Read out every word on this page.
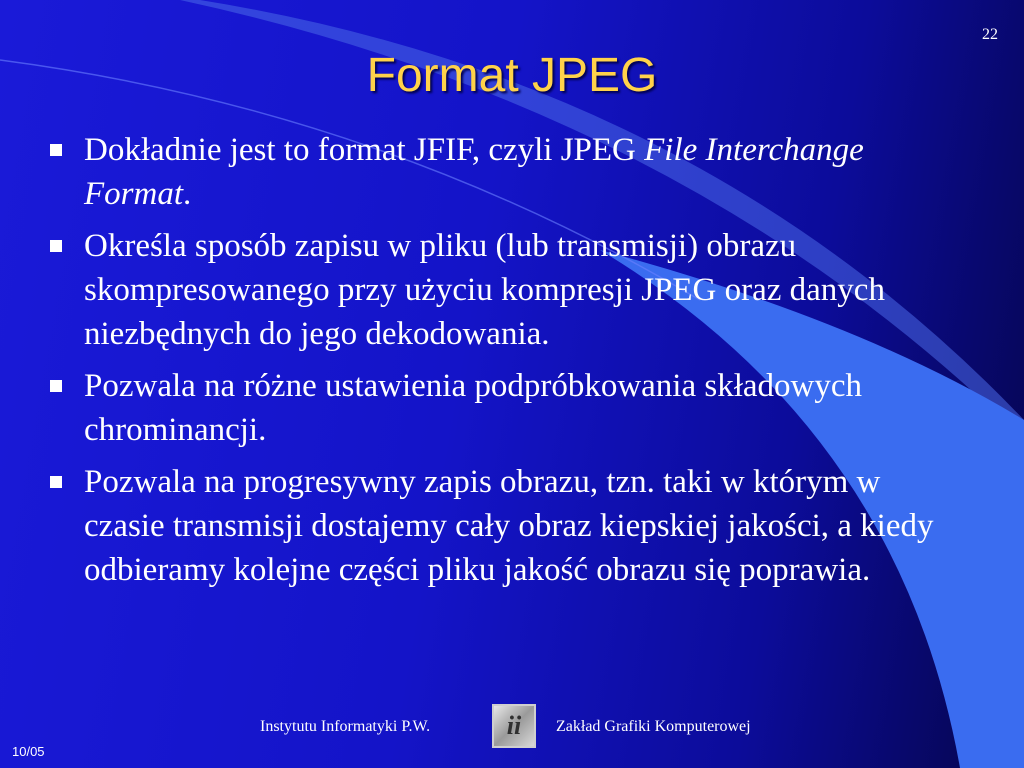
22
Format JPEG
Dokładnie jest to format JFIF, czyli JPEG File Interchange Format.
Określa sposób zapisu w pliku (lub transmisji) obrazu skompresowanego przy użyciu kompresji JPEG oraz danych niezbędnych do jego dekodowania.
Pozwala na różne ustawienia podpróbkowania składowych chrominancji.
Pozwala na progresywny zapis obrazu, tzn. taki w którym w czasie transmisji dostajemy cały obraz kiepskiej jakości, a kiedy odbieramy kolejne części pliku jakość obrazu się poprawia.
Instytutu Informatyki P.W.	ii	Zakład Grafiki Komputerowej
10/05
